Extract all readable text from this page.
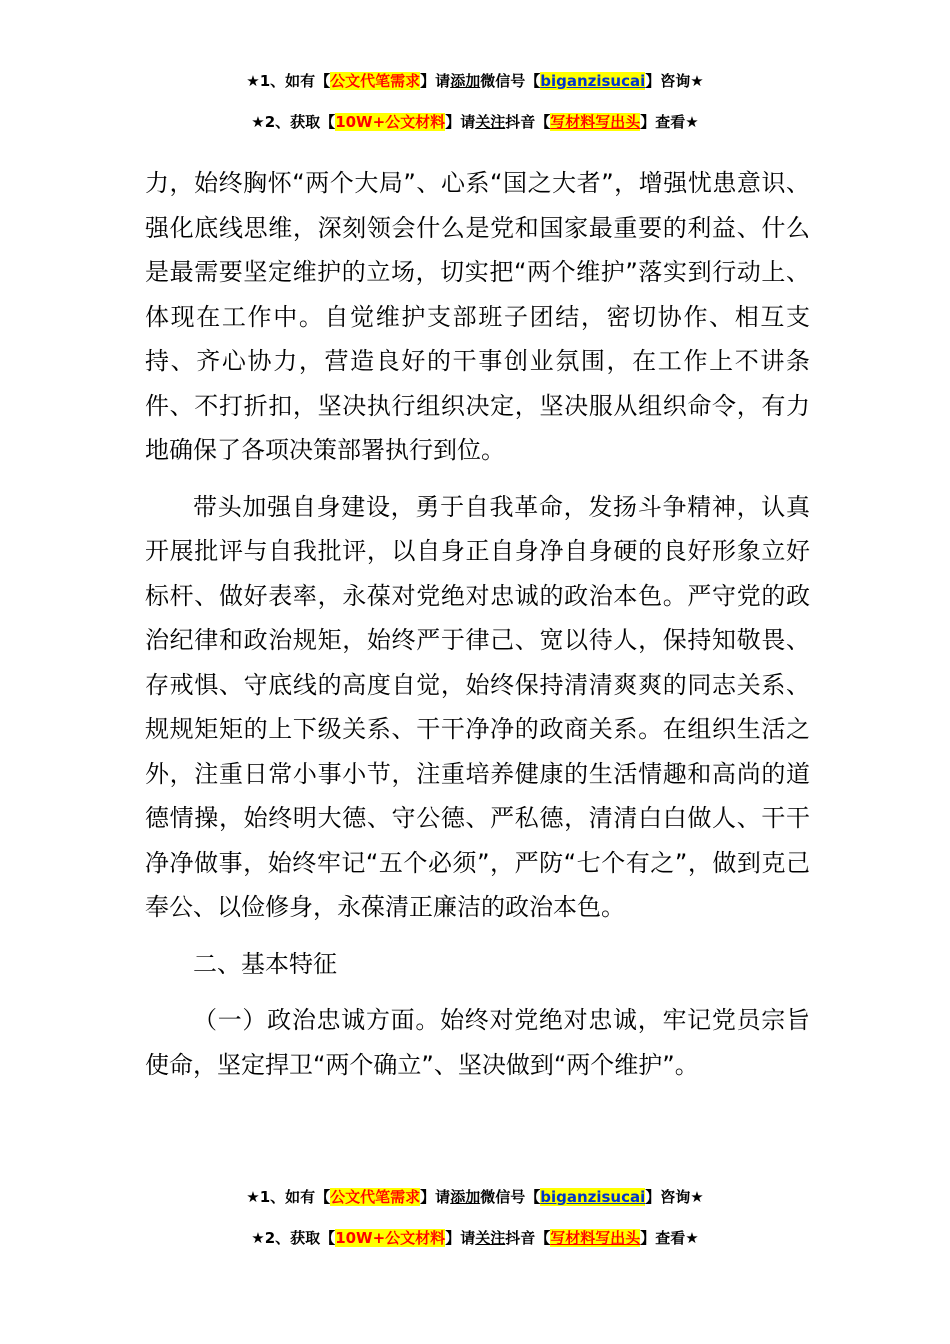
★1、如有【公文代笔需求】请添加微信号【biganzisucai】咨询★
★2、获取【10W+公文材料】请关注抖音【写材料写出头】查看★

力，始终胸怀“两个大局”、心系“国之大者”，增强忧患意识、强化底线思维，深刻领会什么是党和国家最重要的利益、什么是最需要坚定维护的立场，切实把“两个维护”落实到行动上、体现在工作中。自觉维护支部班子团结，密切协作、相互支持、齐心协力，营造良好的干事创业氛围，在工作上不讲条件、不打折扣，坚决执行组织决定，坚决服从组织命令，有力地确保了各项决策部署执行到位。

带头加强自身建设，勇于自我革命，发扬斗争精神，认真开展批评与自我批评，以自身正自身净自身硬的良好形象立好标杆、做好表率，永葆对党绝对忠诚的政治本色。严守党的政治纪律和政治规矩，始终严于律己、宽以待人，保持知敬畏、存戒惧、守底线的高度自觉，始终保持清清爽爽的同志关系、规规矩矩的上下级关系、干干净净的政商关系。在组织生活之外，注重日常小事小节，注重培养健康的生活情趣和高尚的道德情操，始终明大德、守公德、严私德，清清白白做人、干干净净做事，始终牢记“五个必须”，严防“七个有之”，做到克己奉公、以俭修身，永葆清正廉洁的政治本色。

二、基本特征

（一）政治忠诚方面。始终对党绝对忠诚，牢记党员宗旨使命，坚定捍卫“两个确立”、坚决做到“两个维护”。

★1、如有【公文代笔需求】请添加微信号【biganzisucai】咨询★
★2、获取【10W+公文材料】请关注抖音【写材料写出头】查看★
